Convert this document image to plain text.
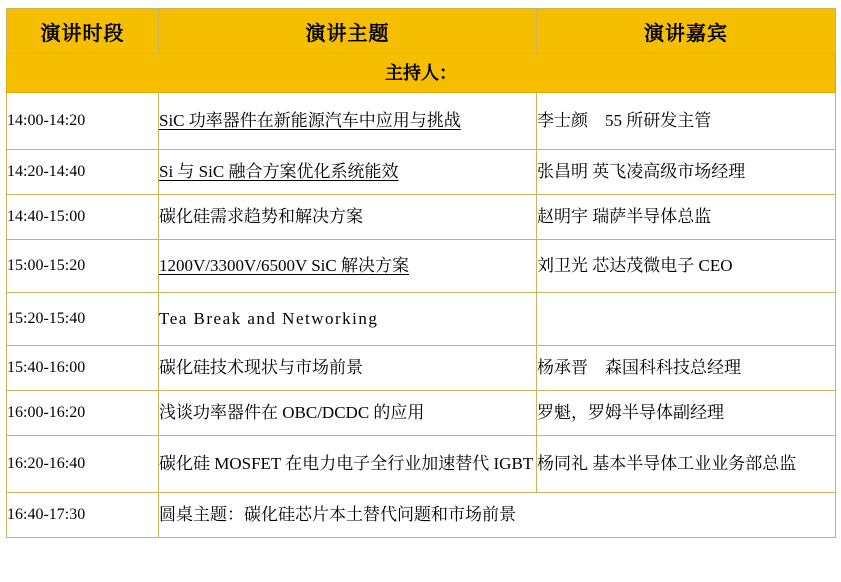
演讲时段	演讲主题	演讲嘉宾
主持人：		
14:00-14:20	SiC 功率器件在新能源汽车中应用与挑战	李士颜　55 所研发主管
14:20-14:40	Si 与 SiC 融合方案优化系统能效	张昌明 英飞凌高级市场经理
14:40-15:00	碳化硅需求趋势和解决方案	赵明宇 瑞萨半导体总监
15:00-15:20	1200V/3300V/6500V SiC 解决方案	刘卫光 芯达茂微电子 CEO
15:20-15:40	Tea Break and Networking	
15:40-16:00	碳化硅技术现状与市场前景	杨承晋　森国科科技总经理
16:00-16:20	浅谈功率器件在 OBC/DCDC 的应用	罗魁，罗姆半导体副经理
16:20-16:40	碳化硅 MOSFET 在电力电子全行业加速替代 IGBT	杨同礼 基本半导体工业业务部总监
16:40-17:30	圆桌主题：碳化硅芯片本土替代问题和市场前景	
